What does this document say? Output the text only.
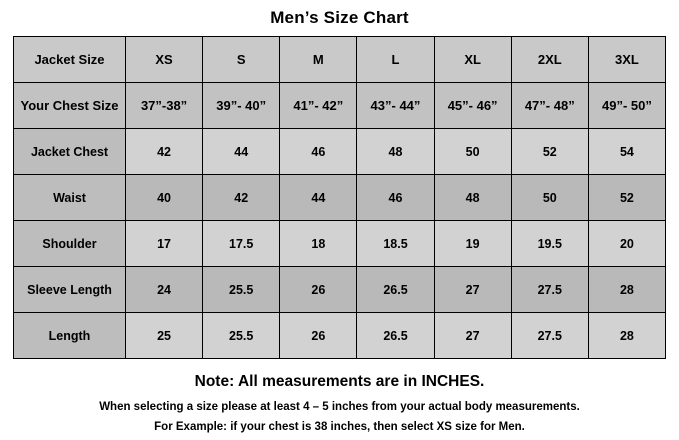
Men’s Size Chart
Jacket Size	XS	S	M	L	XL	2XL	3XL
Your Chest Size	37”-38”	39”- 40”	41”- 42”	43”- 44”	45”- 46”	47”- 48”	49”- 50”
Jacket Chest	42	44	46	48	50	52	54
Waist	40	42	44	46	48	50	52
Shoulder	17	17.5	18	18.5	19	19.5	20
Sleeve Length	24	25.5	26	26.5	27	27.5	28
Length	25	25.5	26	26.5	27	27.5	28
Note: All measurements are in INCHES.
When selecting a size please at least 4 – 5 inches from your actual body measurements.
For Example: if your chest is 38 inches, then select XS size for Men.
